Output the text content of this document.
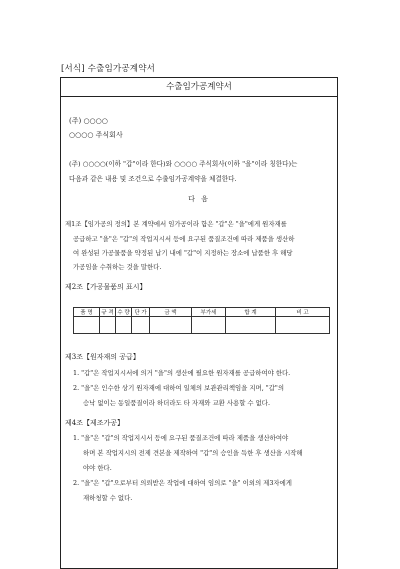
[서식] 수출임가공계약서
수출임가공계약서
(주) ○○○○
○○○○ 주식회사
(주) ○○○○(이하 "갑"이라 한다)와 ○○○○ 주식회사(이하 "을"이라 칭한다)는
다음과 같은 내용 및 조건으로 수출임가공계약을 체결한다.
다 음
제1조【임가공의 정의】본 계약에서 임가공이라 함은 "갑"은 "을"에게 원자재를
공급하고 "을"은 "갑"의 작업지시서 등에 요구된 품질조건에 따라 제품을 생산하
여 완성된 가공물품을 약정된 납기 내에 "갑"이 지정하는 장소에 납품한 후 해당
가공임을 수취하는 것을 말한다.
제2조【가공물품의 표시】
품 명	규 격	수 량	단 가	금 액	부가세	합 계	비 고

제3조【원자재의 공급】
1. "갑"은 작업지시서에 의거 "을"의 생산에 필요한 원자재를 공급하여야 한다.
2. "을"은 인수한 상기 원자재에 대하여 일체의 보관관리책임을 지며, "갑"의
승낙 없이는 동일품질이라 하더라도 타 자재와 교환 사용할 수 없다.
제4조【제조가공】
1. "을"은 "갑"의 작업지시서 등에 요구된 품질조건에 따라 제품을 생산하여야
하며 본 작업지시의 전제 견본을 제작하여 "갑"의 승인을 득한 후 생산을 시작해
야야 한다.
2. "을"은 "갑"으로부터 의뢰받은 작업에 대하여 임의로 "을" 이외의 제3자에게
재하청할 수 없다.
